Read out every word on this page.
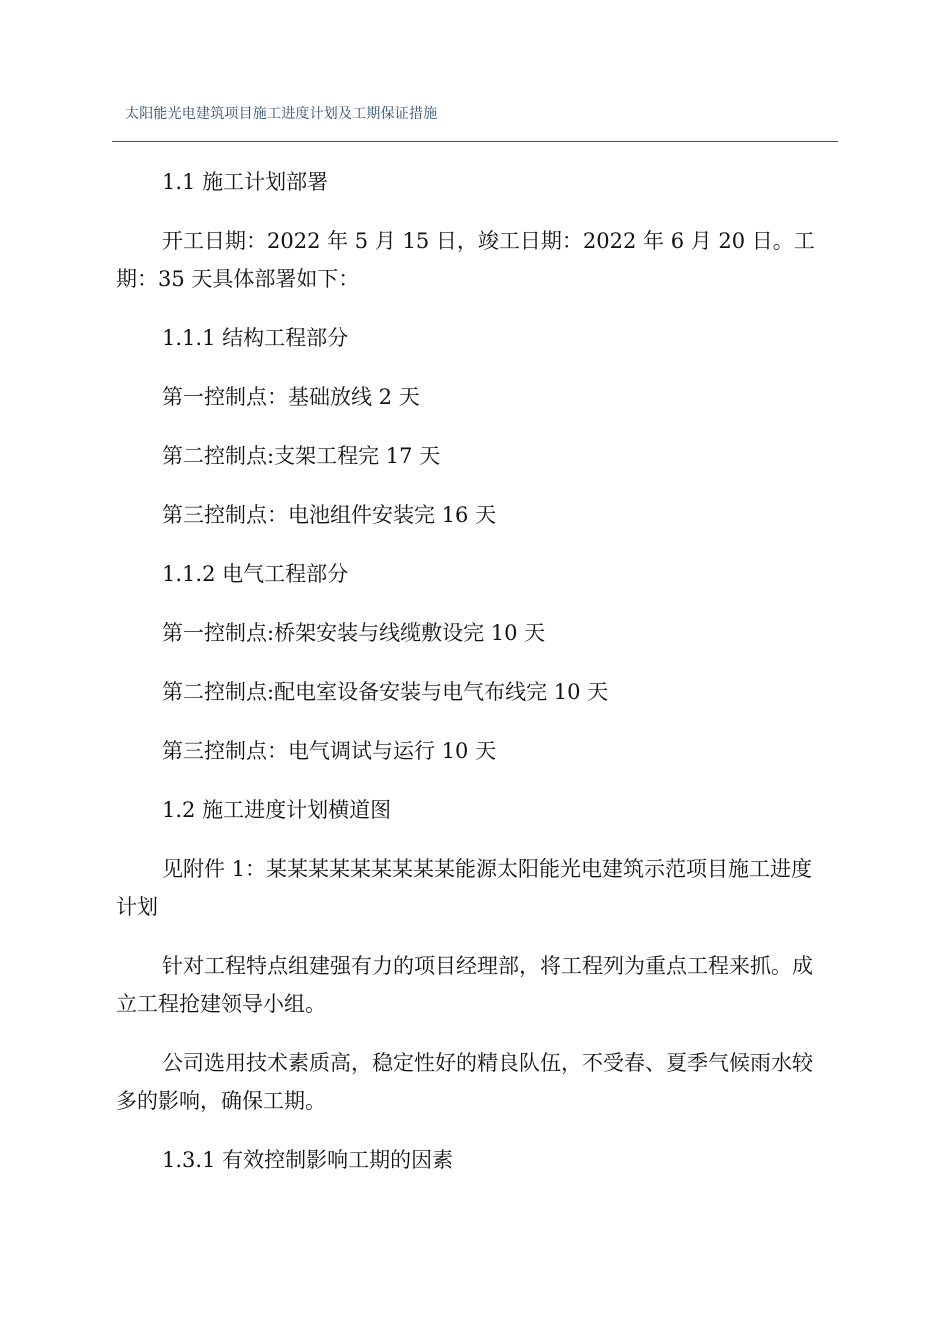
太阳能光电建筑项目施工进度计划及工期保证措施

1.1 施工计划部署

开工日期：2022 年 5 月 15 日，竣工日期：2022 年 6 月 20 日。工期：35 天具体部署如下：

1.1.1 结构工程部分

第一控制点：基础放线 2 天

第二控制点:支架工程完 17 天

第三控制点：电池组件安装完 16 天

1.1.2 电气工程部分

第一控制点:桥架安装与线缆敷设完 10 天

第二控制点:配电室设备安装与电气布线完 10 天

第三控制点：电气调试与运行 10 天

1.2 施工进度计划横道图

见附件 1：某某某某某某某某某能源太阳能光电建筑示范项目施工进度计划

针对工程特点组建强有力的项目经理部，将工程列为重点工程来抓。成立工程抢建领导小组。

公司选用技术素质高，稳定性好的精良队伍，不受春、夏季气候雨水较多的影响，确保工期。

1.3.1 有效控制影响工期的因素
